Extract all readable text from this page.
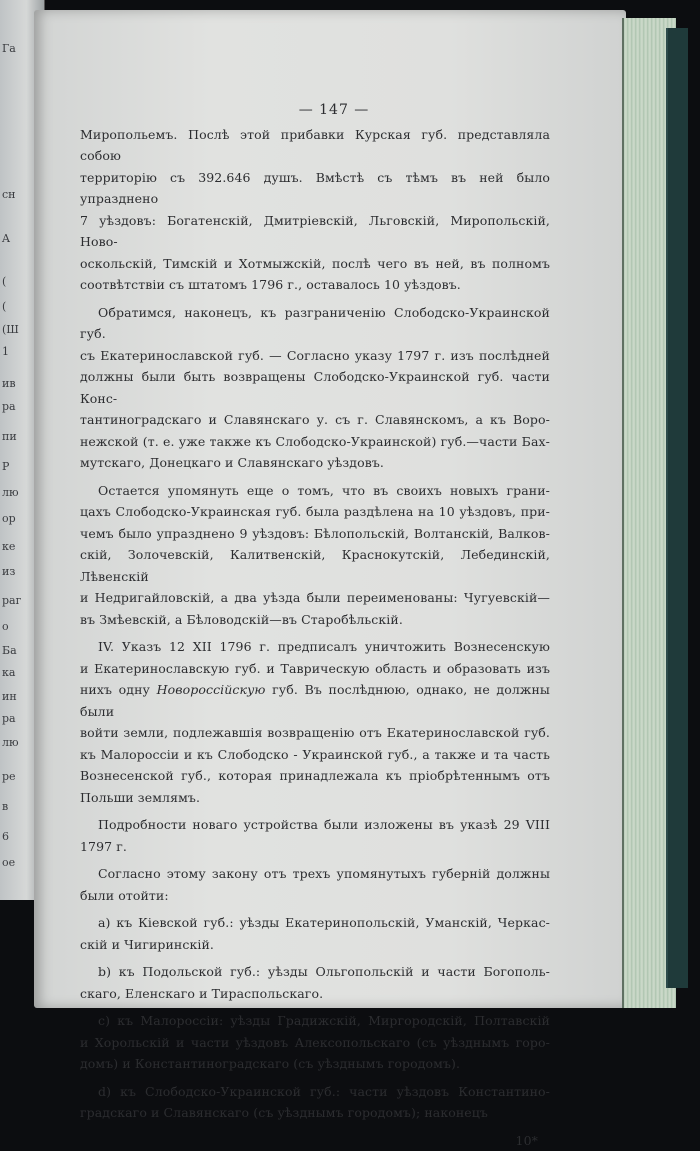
Га
сн
A
(
(
(Ш
1
ив
ра
пи
Р
лю
ор
ке
из
раг
о
Ба
ка
ин
ра
лю
ре
в
6
ое
— 147 —
Миропольемъ. Послѣ этой прибавки Курская губ. представляла собою
территорію съ 392.646 душъ. Вмѣстѣ съ тѣмъ въ ней было упразднено
7 уѣздовъ: Богатенскій, Дмитріевскій, Льговскій, Миропольскій, Ново-
оскольскій, Тимскій и Хотмыжскій, послѣ чего въ ней, въ полномъ
соотвѣтствіи съ штатомъ 1796 г., оставалось 10 уѣздовъ.
Обратимся, наконецъ, къ разграниченію Слободско-Украинской губ.
съ Екатеринославской губ. — Согласно указу 1797 г. изъ послѣдней
должны были быть возвращены Слободско-Украинской губ. части Конс-
тантиноградскаго и Славянскаго у. съ г. Славянскомъ, а къ Воро-
нежской (т. е. уже также къ Слободско-Украинской) губ.—части Бах-
мутскаго, Донецкаго и Славянскаго уѣздовъ.
Остается упомянуть еще о томъ, что въ своихъ новыхъ грани-
цахъ Слободско-Украинская губ. была раздѣлена на 10 уѣздовъ, при-
чемъ было упразднено 9 уѣздовъ: Бѣлопольскій, Волтанскій, Валков-
скій, Золочевскій, Калитвенскій, Краснокутскій, Лебединскій, Лѣвенскій
и Недригайловскій, а два уѣзда были переименованы: Чугуевскій—
въ Змѣевскій, а Бѣловодскій—въ Старобѣльскій.
IV. Указъ 12 XII 1796 г. предписалъ уничтожить Вознесенскую
и Екатеринославскую губ. и Таврическую область и образовать изъ
нихъ одну Новороссійскую губ. Въ послѣднюю, однако, не должны были
войти земли, подлежавшія возвращенію отъ Екатеринославской губ.
къ Малороссіи и къ Слободско - Украинской губ., а также и та часть
Вознесенской губ., которая принадлежала къ пріобрѣтеннымъ отъ
Польши землямъ.
Подробности новаго устройства были изложены въ указѣ 29 VIII
1797 г.
Согласно этому закону отъ трехъ упомянутыхъ губерній должны
были отойти:
a) къ Кіевской губ.: уѣзды Екатеринопольскій, Уманскій, Черкас-
скій и Чигиринскій.
b) къ Подольской губ.: уѣзды Ольгопольскій и части Богополь-
скаго, Еленскаго и Тираспольскаго.
c) къ Малороссіи: уѣзды Градижскій, Миргородскій, Полтавскій
и Хорольскій и части уѣздовъ Алексопольскаго (съ уѣзднымъ горо-
домъ) и Константиноградскаго (съ уѣзднымъ городомъ).
d) къ Слободско-Украинской губ.: части уѣздовъ Константино-
градскаго и Славянскаго (съ уѣзднымъ городомъ); наконецъ
10*
